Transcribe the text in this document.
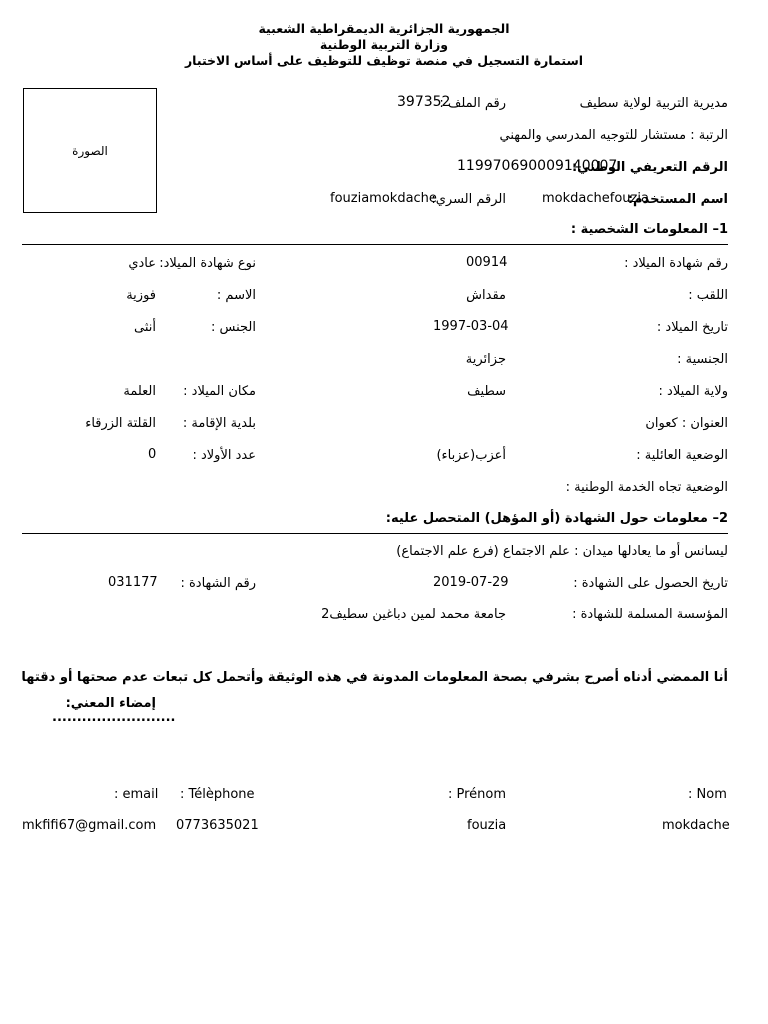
الجمهورية الجزائرية الديمقراطية الشعبية
وزارة التربية الوطنية
استمارة التسجيل في منصة توظيف للتوظيف على أساس الاختبار
الصورة
مديرية التربية لولاية سطيف
رقم الملف :
397352
الرتبة : مستشار للتوجيه المدرسي والمهني
الرقم التعريفي الوطني:
119970690009140007
اسم المستخدم:
mokdachefouzia
الرقم السري:
fouziamokdache
1– المعلومات الشخصية :
رقم شهادة الميلاد :
00914
نوع شهادة الميلاد:
عادي
اللقب :
مقداش
الاسم :
فوزية
تاريخ الميلاد :
1997-03-04
الجنس :
أنثى
الجنسية :
جزائرية
ولاية الميلاد :
سطيف
مكان الميلاد :
العلمة
العنوان : كعوان
بلدية الإقامة :
القلتة الزرقاء
الوضعية العائلية :
أعزب(عزباء)
عدد الأولاد :
0
الوضعية تجاه الخدمة الوطنية :
2– معلومات حول الشهادة (أو المؤهل) المتحصل عليه:
ليسانس أو ما يعادلها ميدان : علم الاجتماع (فرع علم الاجتماع)
تاريخ الحصول على الشهادة :
2019-07-29
رقم الشهادة :
031177
المؤسسة المسلمة للشهادة :
جامعة محمد لمين دباغين سطيف2
أنا الممضي أدناه أصرح بشرفي بصحة المعلومات المدونة في هذه الوثيقة وأتحمل كل تبعات عدم صحتها أو دقتها
إمضاء المعني:
.........................
: Nom
: Prénom
: Télèphone
: email
mokdache
fouzia
0773635021
mkfifi67@gmail.com
